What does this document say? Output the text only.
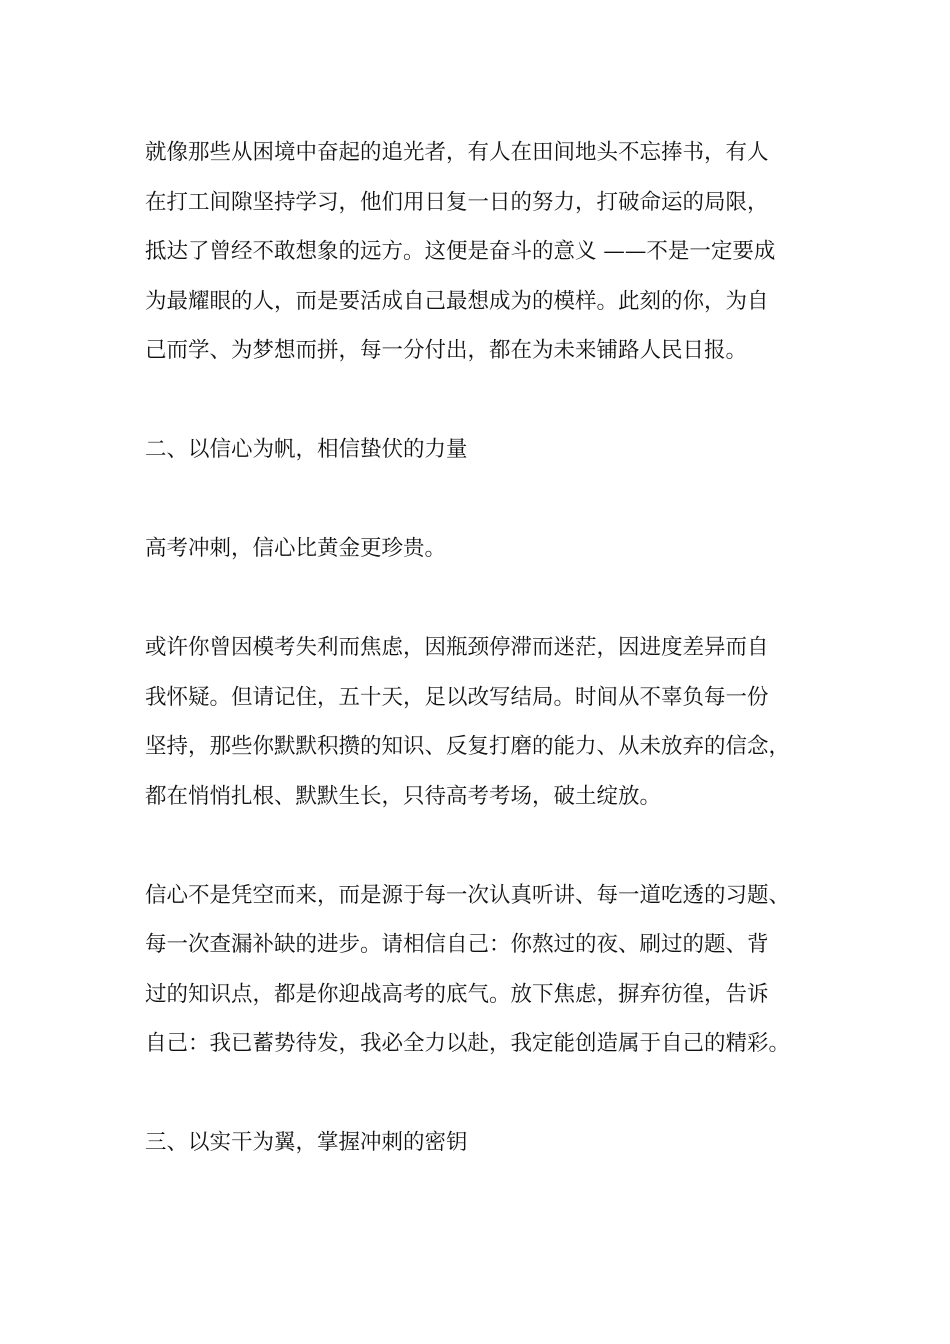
就像那些从困境中奋起的追光者，有人在田间地头不忘捧书，有人
在打工间隙坚持学习，他们用日复一日的努力，打破命运的局限，
抵达了曾经不敢想象的远方。这便是奋斗的意义 ——不是一定要成
为最耀眼的人，而是要活成自己最想成为的模样。此刻的你，为自
己而学、为梦想而拼，每一分付出，都在为未来铺路人民日报。
二、以信心为帆，相信蛰伏的力量
高考冲刺，信心比黄金更珍贵。
或许你曾因模考失利而焦虑，因瓶颈停滞而迷茫，因进度差异而自
我怀疑。但请记住，五十天，足以改写结局。时间从不辜负每一份
坚持，那些你默默积攒的知识、反复打磨的能力、从未放弃的信念，
都在悄悄扎根、默默生长，只待高考考场，破土绽放。
信心不是凭空而来，而是源于每一次认真听讲、每一道吃透的习题、
每一次查漏补缺的进步。请相信自己：你熬过的夜、刷过的题、背
过的知识点，都是你迎战高考的底气。放下焦虑，摒弃彷徨，告诉
自己：我已蓄势待发，我必全力以赴，我定能创造属于自己的精彩。
三、以实干为翼，掌握冲刺的密钥
